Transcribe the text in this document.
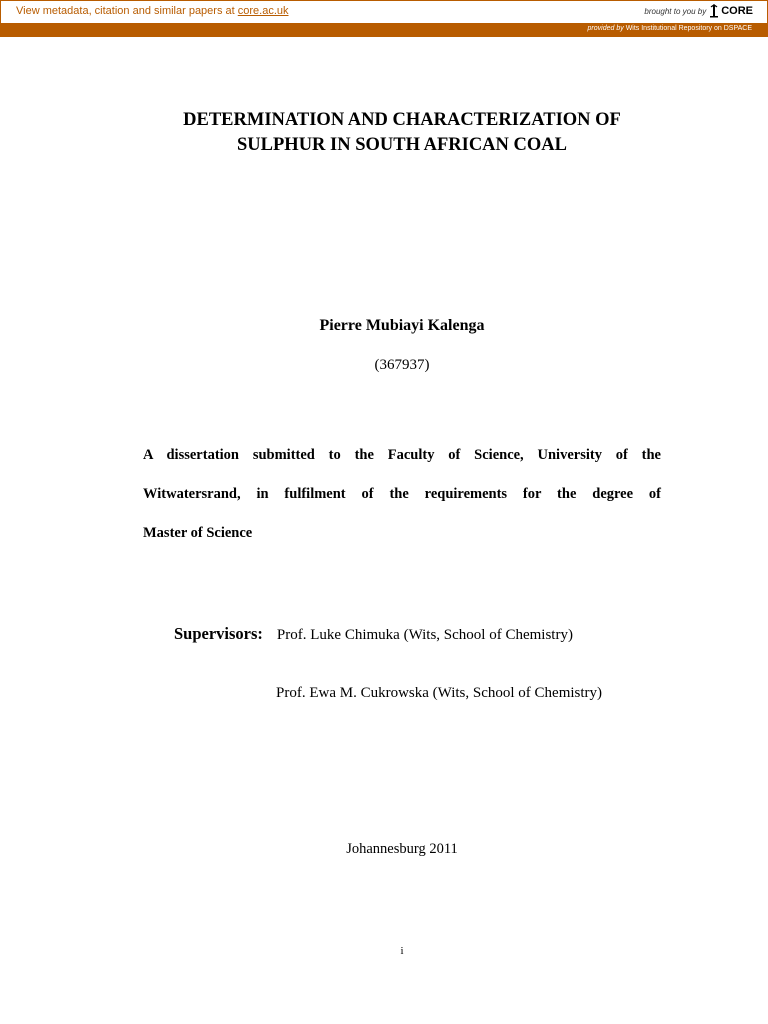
View metadata, citation and similar papers at core.ac.uk	brought to you by CORE
provided by Wits Institutional Repository on DSPACE
DETERMINATION AND CHARACTERIZATION OF
SULPHUR IN SOUTH AFRICAN COAL
Pierre Mubiayi Kalenga
(367937)
A dissertation submitted to the Faculty of Science, University of the
Witwatersrand, in fulfilment of the requirements for the degree of
Master of Science
Supervisors: Prof. Luke Chimuka (Wits, School of Chemistry)
Prof. Ewa M. Cukrowska (Wits, School of Chemistry)
Johannesburg 2011
i
